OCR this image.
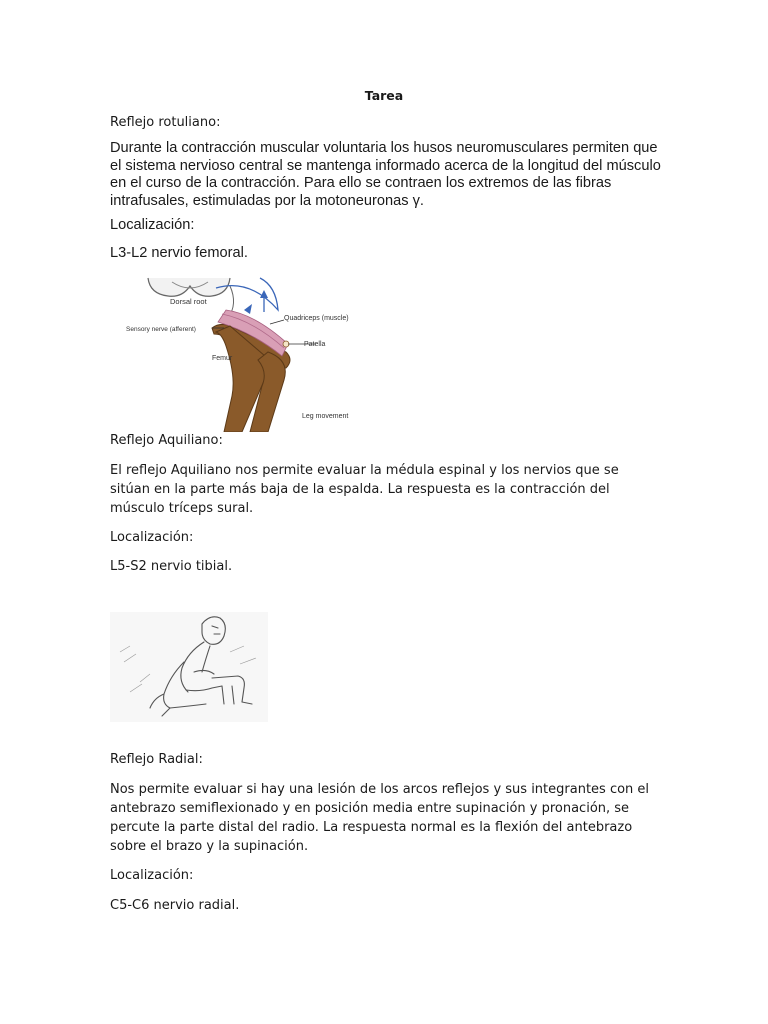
Tarea
Reflejo rotuliano:
Durante la contracción muscular voluntaria los husos neuromusculares permiten que el sistema nervioso central se mantenga informado acerca de la longitud del músculo en el curso de la contracción. Para ello se contraen los extremos de las fibras intrafusales, estimuladas por la motoneuronas γ.
Localización:
L3-L2 nervio femoral.
Dorsal root
Sensory nerve (afferent)
Quadriceps (muscle)
Patella
Femur
Leg movement
Reflejo Aquiliano:
El reflejo Aquiliano nos permite evaluar la médula espinal y los nervios que se sitúan en la parte más baja de la espalda. La respuesta es la contracción del músculo tríceps sural.
Localización:
L5-S2 nervio tibial.
Reflejo Radial:
Nos permite evaluar si hay una lesión de los arcos reflejos y sus integrantes con el antebrazo semiflexionado y en posición media entre supinación y pronación, se percute la parte distal del radio. La respuesta normal es la flexión del antebrazo sobre el brazo y la supinación.
Localización:
C5-C6 nervio radial.
